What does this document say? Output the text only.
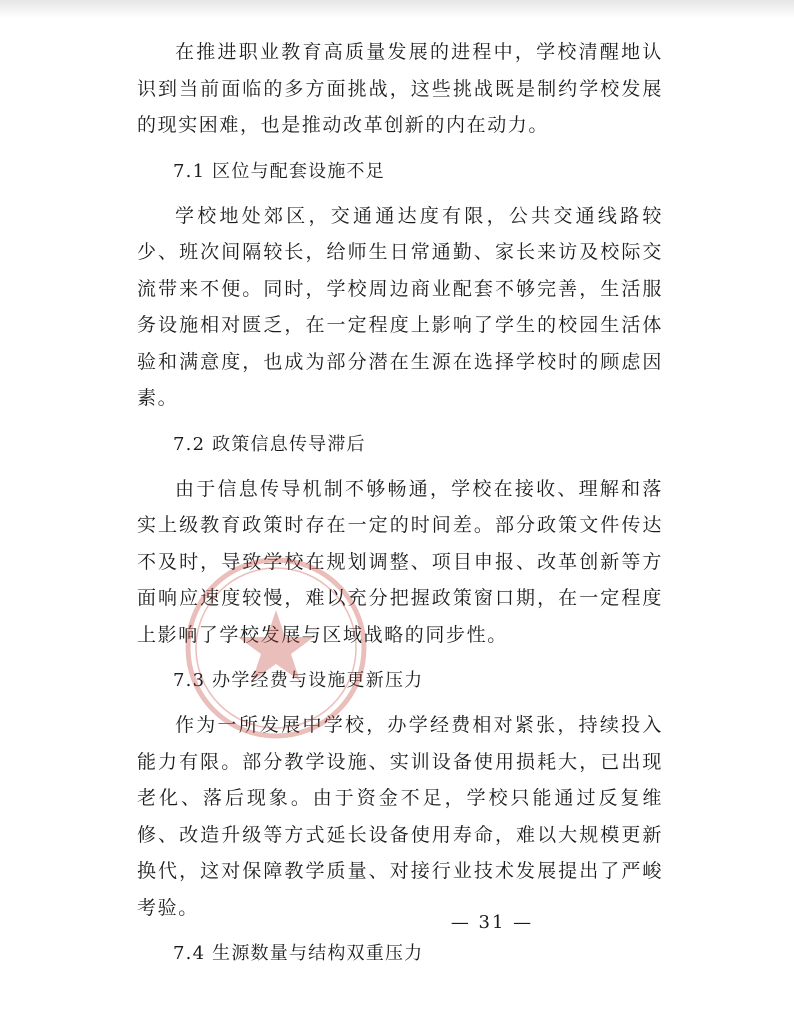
在推进职业教育高质量发展的进程中，学校清醒地认识到当前面临的多方面挑战，这些挑战既是制约学校发展的现实困难，也是推动改革创新的内在动力。

7.1 区位与配套设施不足

学校地处郊区，交通通达度有限，公共交通线路较少、班次间隔较长，给师生日常通勤、家长来访及校际交流带来不便。同时，学校周边商业配套不够完善，生活服务设施相对匮乏，在一定程度上影响了学生的校园生活体验和满意度，也成为部分潜在生源在选择学校时的顾虑因素。

7.2 政策信息传导滞后

由于信息传导机制不够畅通，学校在接收、理解和落实上级教育政策时存在一定的时间差。部分政策文件传达不及时，导致学校在规划调整、项目申报、改革创新等方面响应速度较慢，难以充分把握政策窗口期，在一定程度上影响了学校发展与区域战略的同步性。

7.3 办学经费与设施更新压力

作为一所发展中学校，办学经费相对紧张，持续投入能力有限。部分教学设施、实训设备使用损耗大，已出现老化、落后现象。由于资金不足，学校只能通过反复维修、改造升级等方式延长设备使用寿命，难以大规模更新换代，这对保障教学质量、对接行业技术发展提出了严峻考验。

7.4 生源数量与结构双重压力

— 31 —
